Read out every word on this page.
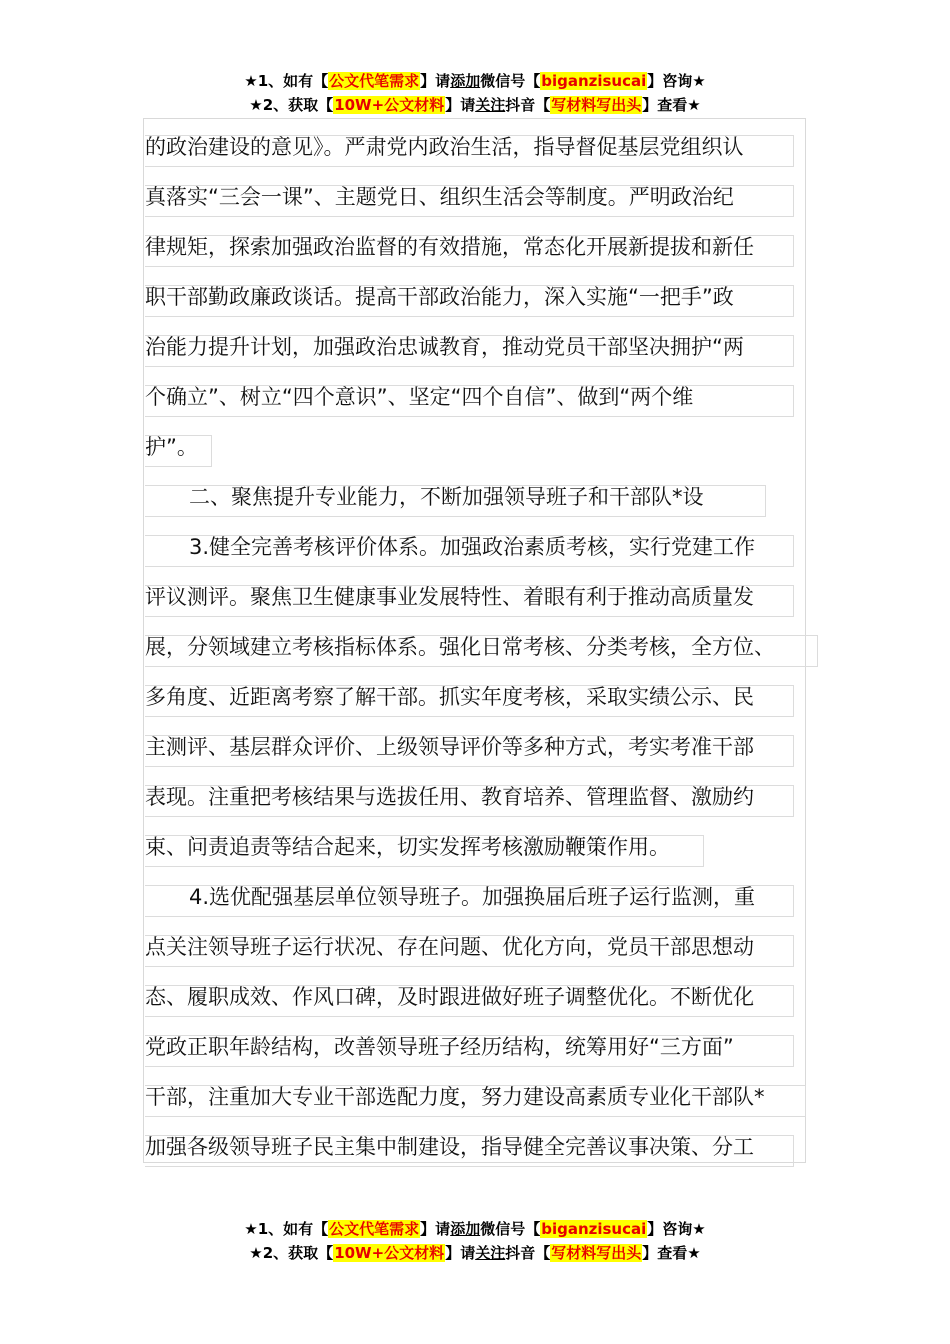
★1、如有【公文代笔需求】请添加微信号【biganzisucai】咨询★
★2、获取【10W+公文材料】请关注抖音【写材料写出头】查看★
的政治建设的意见》。严肃党内政治生活，指导督促基层党组织认
真落实“三会一课”、主题党日、组织生活会等制度。严明政治纪
律规矩，探索加强政治监督的有效措施，常态化开展新提拔和新任
职干部勤政廉政谈话。提高干部政治能力，深入实施“一把手”政
治能力提升计划，加强政治忠诚教育，推动党员干部坚决拥护“两
个确立”、树立“四个意识”、坚定“四个自信”、做到“两个维
护”。
二、聚焦提升专业能力，不断加强领导班子和干部队*设
3.健全完善考核评价体系。加强政治素质考核，实行党建工作
评议测评。聚焦卫生健康事业发展特性、着眼有利于推动高质量发
展，分领域建立考核指标体系。强化日常考核、分类考核，全方位、
多角度、近距离考察了解干部。抓实年度考核，采取实绩公示、民
主测评、基层群众评价、上级领导评价等多种方式，考实考准干部
表现。注重把考核结果与选拔任用、教育培养、管理监督、激励约
束、问责追责等结合起来，切实发挥考核激励鞭策作用。
4.选优配强基层单位领导班子。加强换届后班子运行监测，重
点关注领导班子运行状况、存在问题、优化方向，党员干部思想动
态、履职成效、作风口碑，及时跟进做好班子调整优化。不断优化
党政正职年龄结构，改善领导班子经历结构，统筹用好“三方面”
干部，注重加大专业干部选配力度，努力建设高素质专业化干部队*
加强各级领导班子民主集中制建设，指导健全完善议事决策、分工
★1、如有【公文代笔需求】请添加微信号【biganzisucai】咨询★
★2、获取【10W+公文材料】请关注抖音【写材料写出头】查看★
